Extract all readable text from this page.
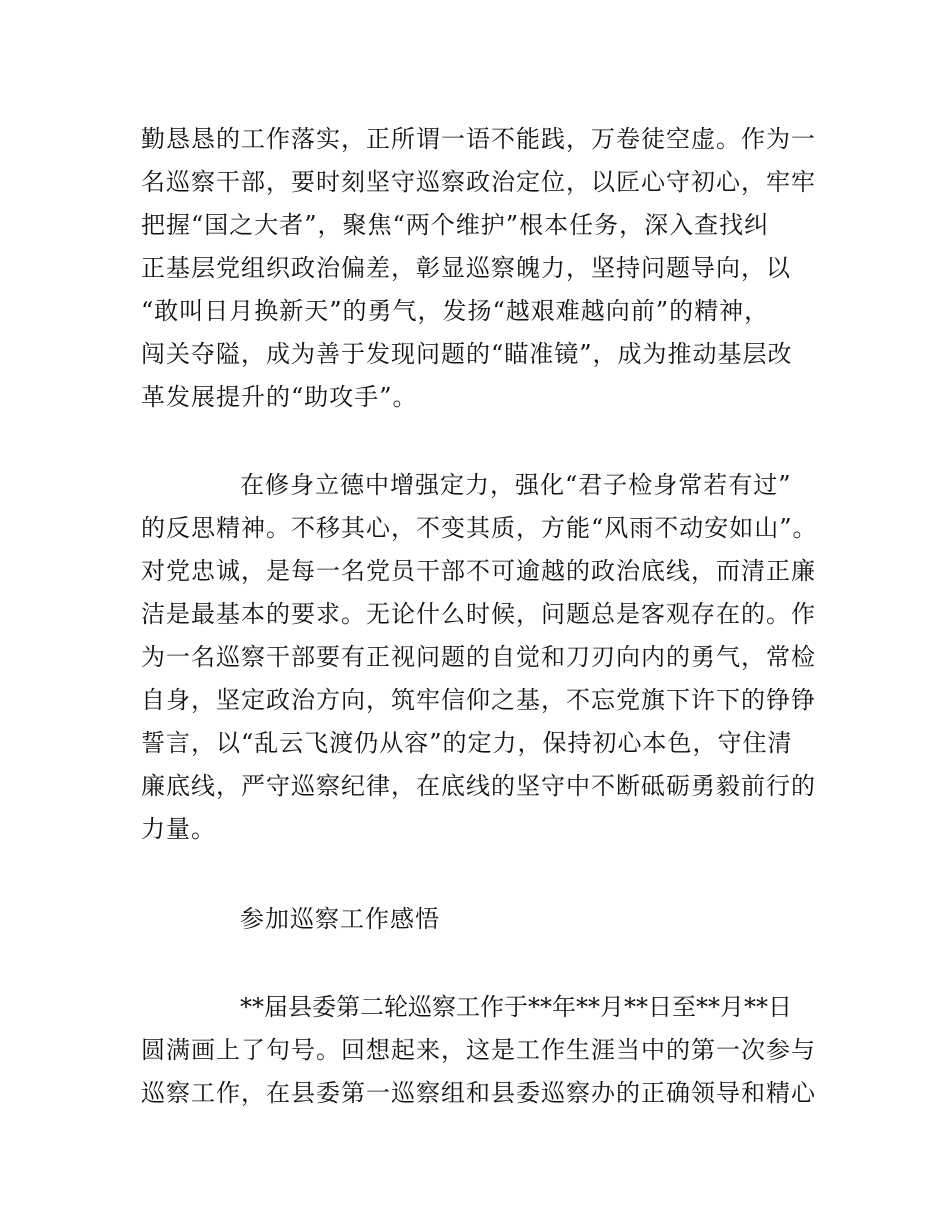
勤恳恳的工作落实，正所谓一语不能践，万卷徒空虚。作为一
名巡察干部，要时刻坚守巡察政治定位，以匠心守初心，牢牢
把握“国之大者”，聚焦“两个维护”根本任务，深入查找纠
正基层党组织政治偏差，彰显巡察魄力，坚持问题导向，以
“敢叫日月换新天”的勇气，发扬“越艰难越向前”的精神，
闯关夺隘，成为善于发现问题的“瞄准镜”，成为推动基层改
革发展提升的“助攻手”。
在修身立德中增强定力，强化“君子检身常若有过”
的反思精神。不移其心，不变其质，方能“风雨不动安如山”。
对党忠诚，是每一名党员干部不可逾越的政治底线，而清正廉
洁是最基本的要求。无论什么时候，问题总是客观存在的。作
为一名巡察干部要有正视问题的自觉和刀刃向内的勇气，常检
自身，坚定政治方向，筑牢信仰之基，不忘党旗下许下的铮铮
誓言，以“乱云飞渡仍从容”的定力，保持初心本色，守住清
廉底线，严守巡察纪律，在底线的坚守中不断砥砺勇毅前行的
力量。
参加巡察工作感悟
**届县委第二轮巡察工作于**年**月**日至**月**日
圆满画上了句号。回想起来，这是工作生涯当中的第一次参与
巡察工作，在县委第一巡察组和县委巡察办的正确领导和精心
